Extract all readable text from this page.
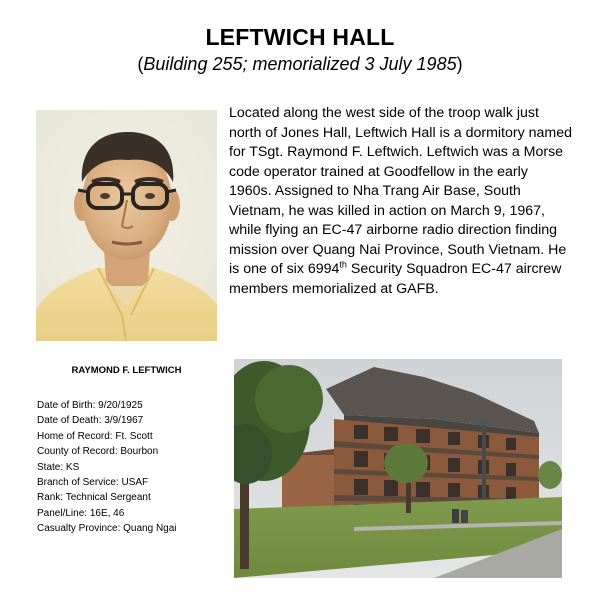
LEFTWICH HALL
(Building 255; memorialized 3 July 1985)
Located along the west side of the troop walk just north of Jones Hall, Leftwich Hall is a dormitory named for TSgt. Raymond F. Leftwich. Leftwich was a Morse code operator trained at Goodfellow in the early 1960s. Assigned to Nha Trang Air Base, South Vietnam, he was killed in action on March 9, 1967, while flying an EC-47 airborne radio direction finding mission over Quang Nai Province, South Vietnam. He is one of six 6994th Security Squadron EC-47 aircrew members memorialized at GAFB.
RAYMOND F. LEFTWICH
Date of Birth: 9/20/1925
Date of Death: 3/9/1967
Home of Record: Ft. Scott
County of Record: Bourbon
State: KS
Branch of Service: USAF
Rank: Technical Sergeant
Panel/Line: 16E, 46
Casualty Province: Quang Ngai
